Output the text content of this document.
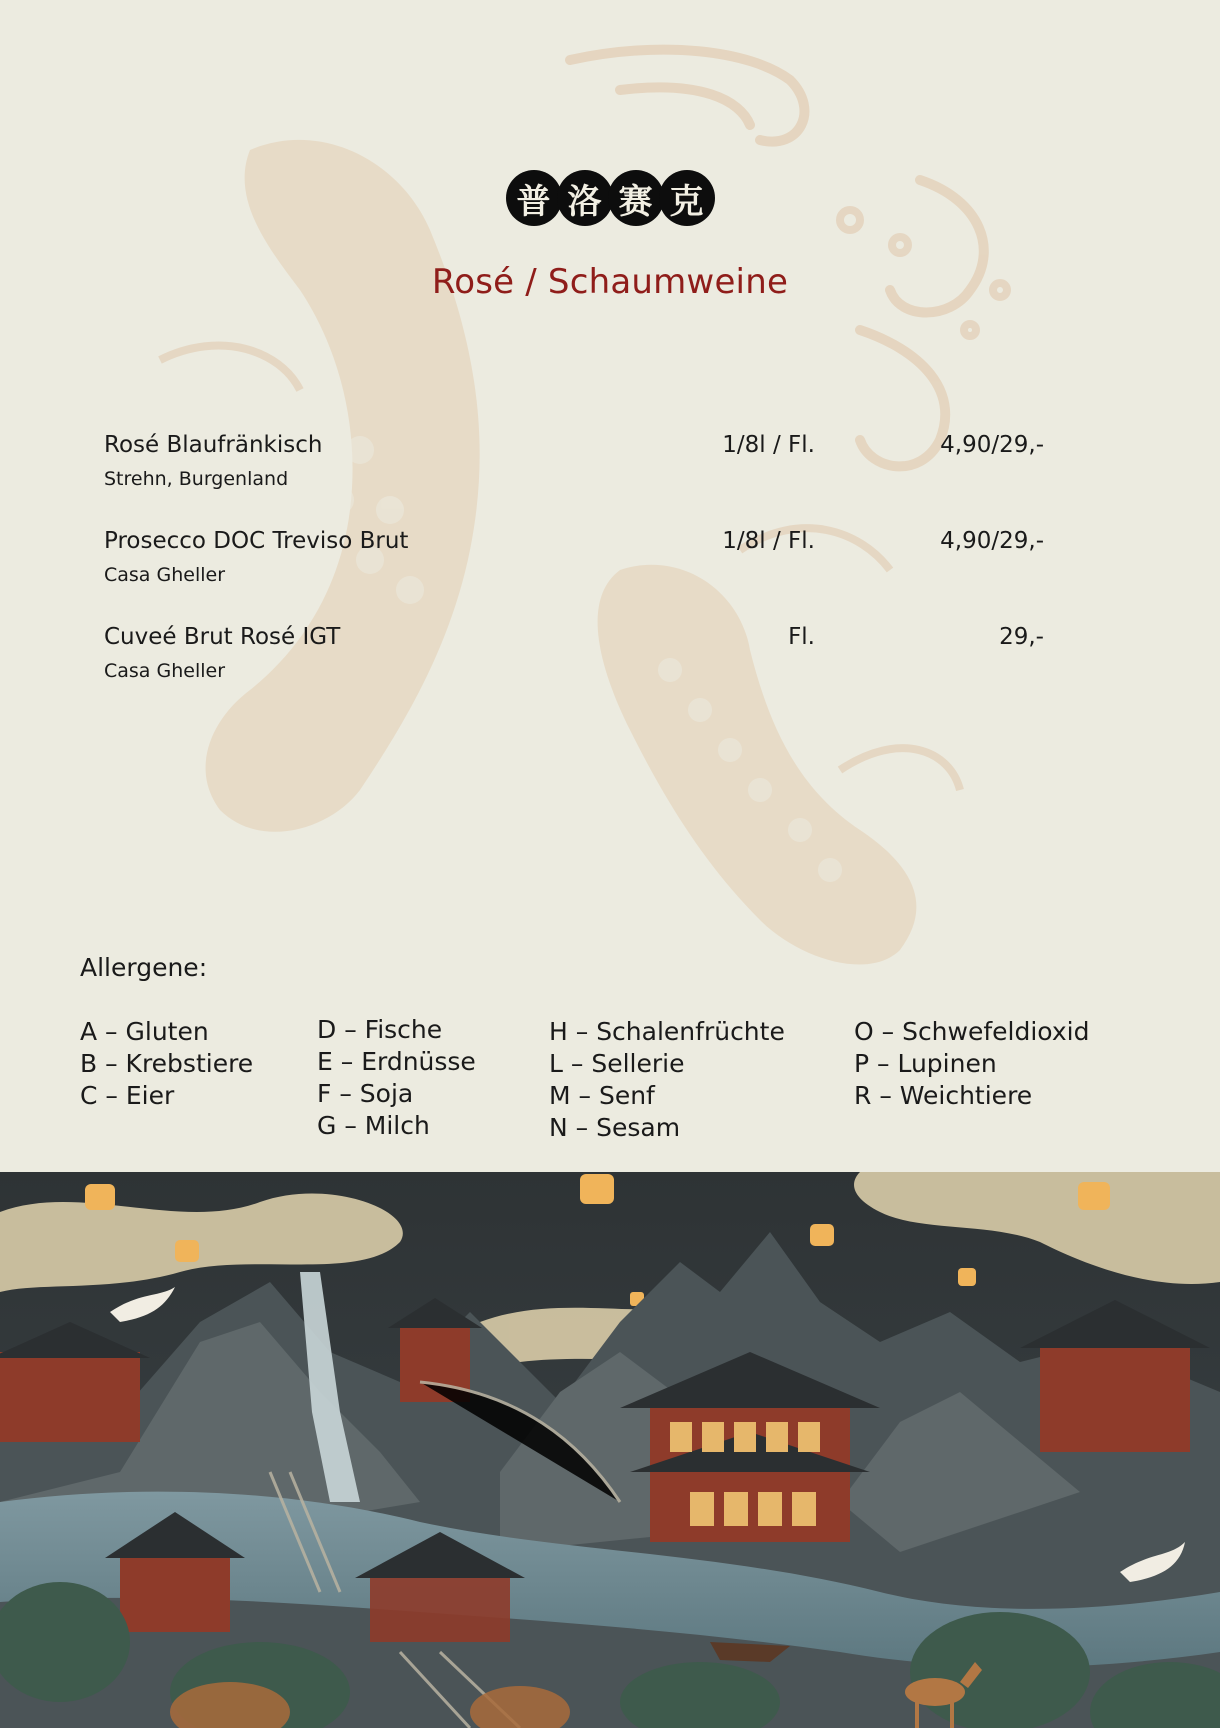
普 洛 赛 克
Rosé / Schaumweine
Rosé Blaufränkisch
Strehn, Burgenland
1/8l / Fl.	4,90/29,-
Prosecco DOC Treviso Brut
Casa Gheller
1/8l / Fl.	4,90/29,-
Cuveé Brut Rosé IGT
Casa Gheller
Fl.	29,-
Allergene:
A – Gluten
B – Krebstiere
C – Eier
D – Fische
E – Erdnüsse
F – Soja
G – Milch
H – Schalenfrüchte
L – Sellerie
M – Senf
N – Sesam
O – Schwefeldioxid
P – Lupinen
R – Weichtiere
